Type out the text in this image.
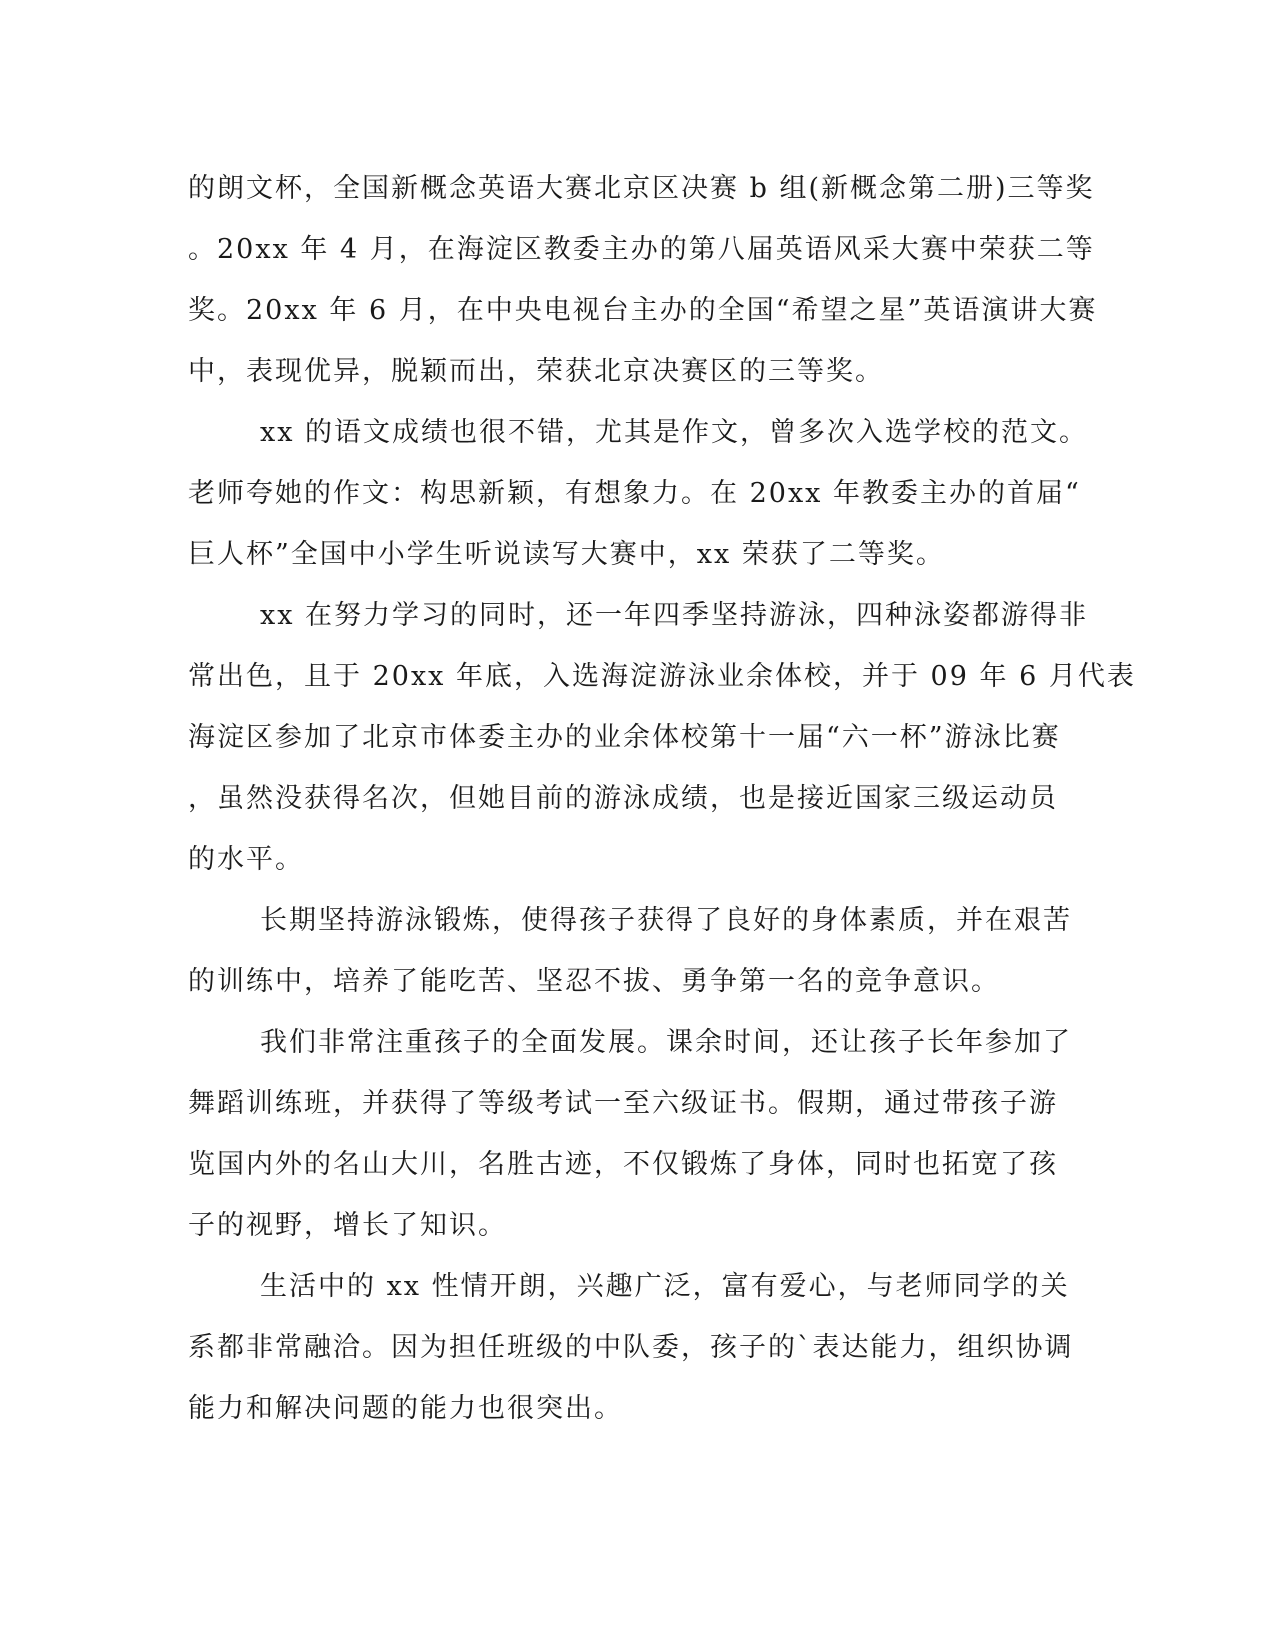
的朗文杯，全国新概念英语大赛北京区决赛 b 组(新概念第二册)三等奖
。20xx 年 4 月，在海淀区教委主办的第八届英语风采大赛中荣获二等
奖。20xx 年 6 月，在中央电视台主办的全国“希望之星”英语演讲大赛
中，表现优异，脱颖而出，荣获北京决赛区的三等奖。
xx 的语文成绩也很不错，尤其是作文，曾多次入选学校的范文。
老师夸她的作文：构思新颖，有想象力。在 20xx 年教委主办的首届“
巨人杯”全国中小学生听说读写大赛中，xx 荣获了二等奖。
xx 在努力学习的同时，还一年四季坚持游泳，四种泳姿都游得非
常出色，且于 20xx 年底，入选海淀游泳业余体校，并于 09 年 6 月代表
海淀区参加了北京市体委主办的业余体校第十一届“六一杯”游泳比赛
，虽然没获得名次，但她目前的游泳成绩，也是接近国家三级运动员
的水平。
长期坚持游泳锻炼，使得孩子获得了良好的身体素质，并在艰苦
的训练中，培养了能吃苦、坚忍不拔、勇争第一名的竞争意识。
我们非常注重孩子的全面发展。课余时间，还让孩子长年参加了
舞蹈训练班，并获得了等级考试一至六级证书。假期，通过带孩子游
览国内外的名山大川，名胜古迹，不仅锻炼了身体，同时也拓宽了孩
子的视野，增长了知识。
生活中的 xx 性情开朗，兴趣广泛，富有爱心，与老师同学的关
系都非常融洽。因为担任班级的中队委，孩子的`表达能力，组织协调
能力和解决问题的能力也很突出。
